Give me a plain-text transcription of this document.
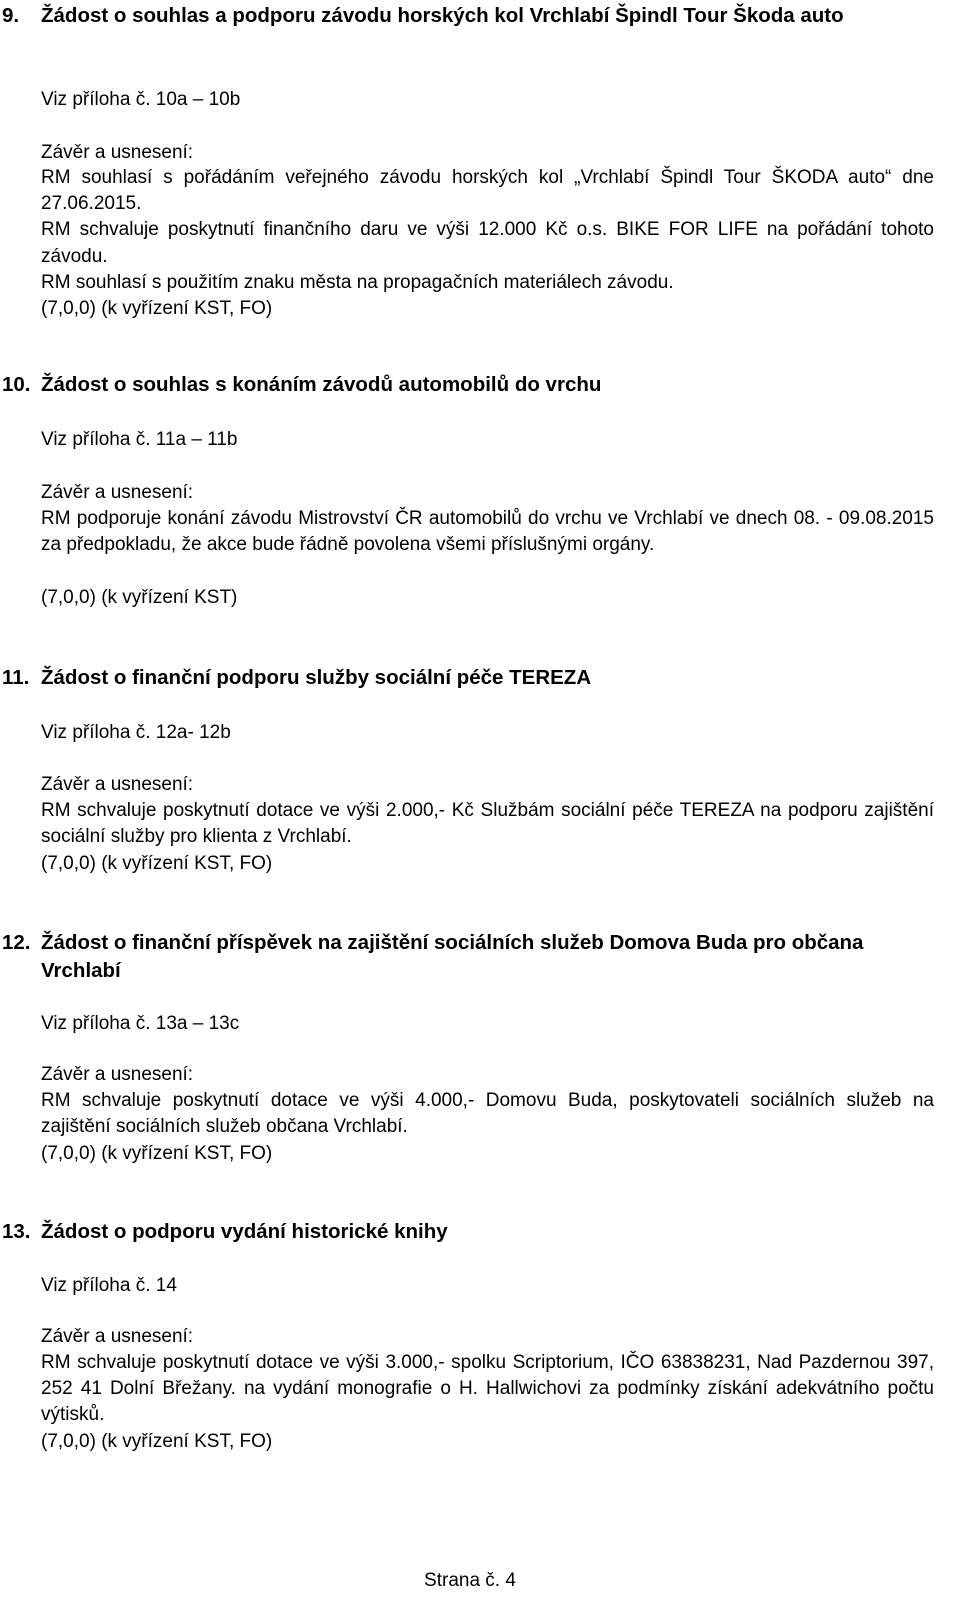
9. Žádost o souhlas a podporu závodu horských kol Vrchlabí Špindl Tour Škoda auto
Viz příloha č. 10a – 10b
Závěr a usnesení:
RM souhlasí s pořádáním veřejného závodu horských kol „Vrchlabí Špindl Tour ŠKODA auto“ dne 27.06.2015.
RM schvaluje poskytnutí finančního daru ve výši 12.000 Kč o.s. BIKE FOR LIFE na pořádání tohoto závodu.
RM souhlasí s použitím znaku města na propagačních materiálech závodu.
(7,0,0) (k vyřízení KST, FO)
10. Žádost o souhlas s konáním závodů automobilů do vrchu
Viz příloha č. 11a – 11b
Závěr a usnesení:
RM podporuje konání závodu Mistrovství ČR automobilů do vrchu ve Vrchlabí ve dnech 08. - 09.08.2015 za předpokladu, že akce bude řádně povolena všemi příslušnými orgány.
(7,0,0) (k vyřízení KST)
11. Žádost o finanční podporu služby sociální péče TEREZA
Viz příloha č. 12a- 12b
Závěr a usnesení:
RM schvaluje poskytnutí dotace ve výši 2.000,- Kč Službám sociální péče TEREZA na podporu zajištění sociální služby pro klienta z Vrchlabí.
(7,0,0) (k vyřízení KST, FO)
12. Žádost o finanční příspěvek na zajištění sociálních služeb Domova Buda pro občana Vrchlabí
Viz příloha č. 13a – 13c
Závěr a usnesení:
RM schvaluje poskytnutí dotace ve výši 4.000,- Domovu Buda, poskytovateli sociálních služeb na zajištění sociálních služeb občana Vrchlabí.
(7,0,0) (k vyřízení KST, FO)
13. Žádost o podporu vydání historické knihy
Viz příloha č. 14
Závěr a usnesení:
RM schvaluje poskytnutí dotace ve výši 3.000,- spolku Scriptorium, IČO 63838231, Nad Pazdernou 397, 252 41 Dolní Břežany. na vydání monografie o H. Hallwichovi za podmínky získání adekvátního počtu výtisků.
(7,0,0) (k vyřízení KST, FO)
Strana č. 4
